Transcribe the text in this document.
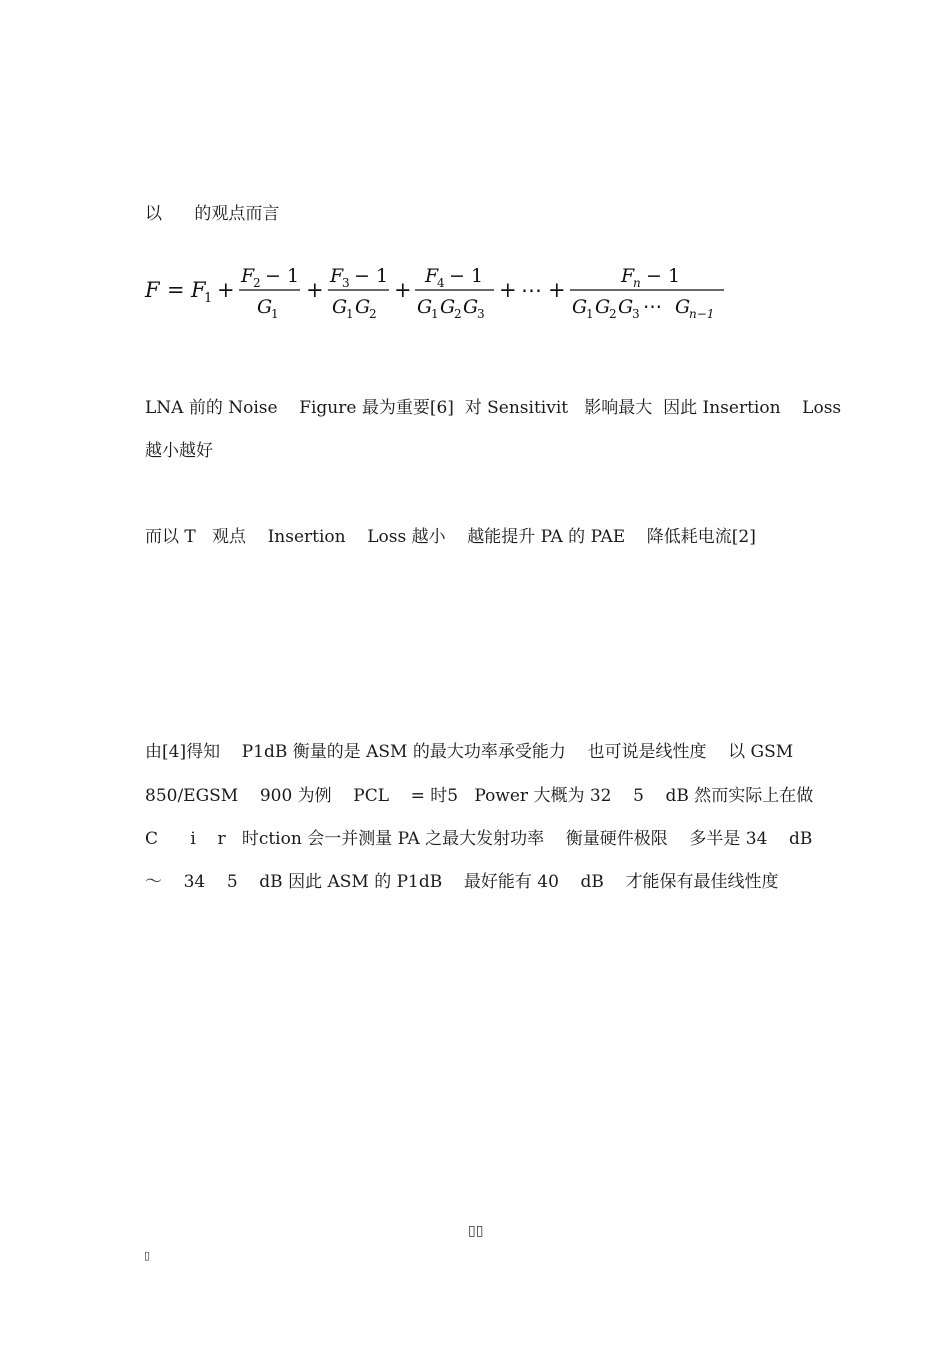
以      的观点而言

F = F
1 +
F
2 − 1
G
1
+
F
3 − 1
G
1 G
2
+
F
4 − 1
G
1 G
2 G
3
+ ⋯ +
F
n − 1
G
1 G
2 G
3 ⋯ G
n−1

LNA 前的 Noise    Figure 最为重要[6]  对 Sensitivit   影响最大  因此 Insertion    Loss

越小越好

而以 T   观点    Insertion    Loss 越小    越能提升 PA 的 PAE    降低耗电流[2]

由[4]得知    P1dB 衡量的是 ASM 的最大功率承受能力    也可说是线性度    以 GSM

850/EGSM    900 为例    PCL    = 时5   Power 大概为 32    5    dB 然而实际上在做

C      i    r   时ction 会一并测量 PA 之最大发射功率    衡量硬件极限    多半是 34    dB

～    34    5    dB 因此 ASM 的 P1dB    最好能有 40    dB    才能保有最佳线性度

▯▯

▯
